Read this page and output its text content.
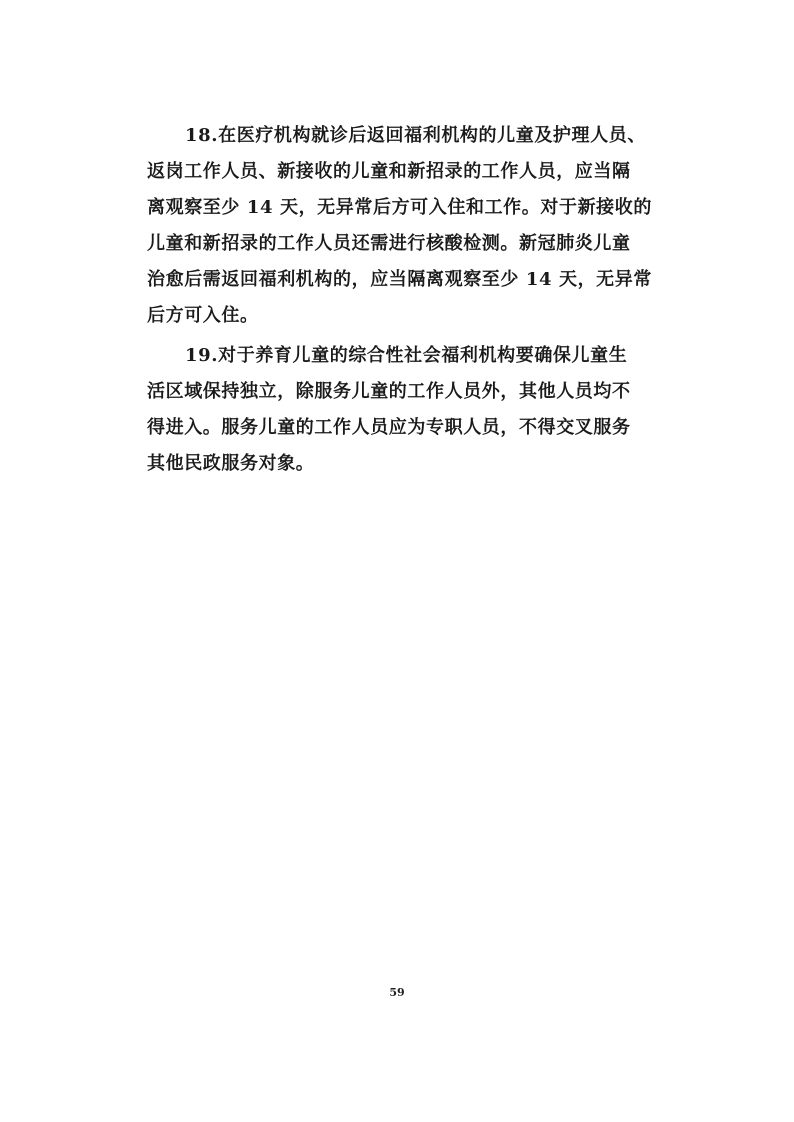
18.在医疗机构就诊后返回福利机构的儿童及护理人员、
返岗工作人员、新接收的儿童和新招录的工作人员，应当隔
离观察至少 14 天，无异常后方可入住和工作。对于新接收的
儿童和新招录的工作人员还需进行核酸检测。新冠肺炎儿童
治愈后需返回福利机构的，应当隔离观察至少 14 天，无异常
后方可入住。
19.对于养育儿童的综合性社会福利机构要确保儿童生
活区域保持独立，除服务儿童的工作人员外，其他人员均不
得进入。服务儿童的工作人员应为专职人员，不得交叉服务
其他民政服务对象。
59
